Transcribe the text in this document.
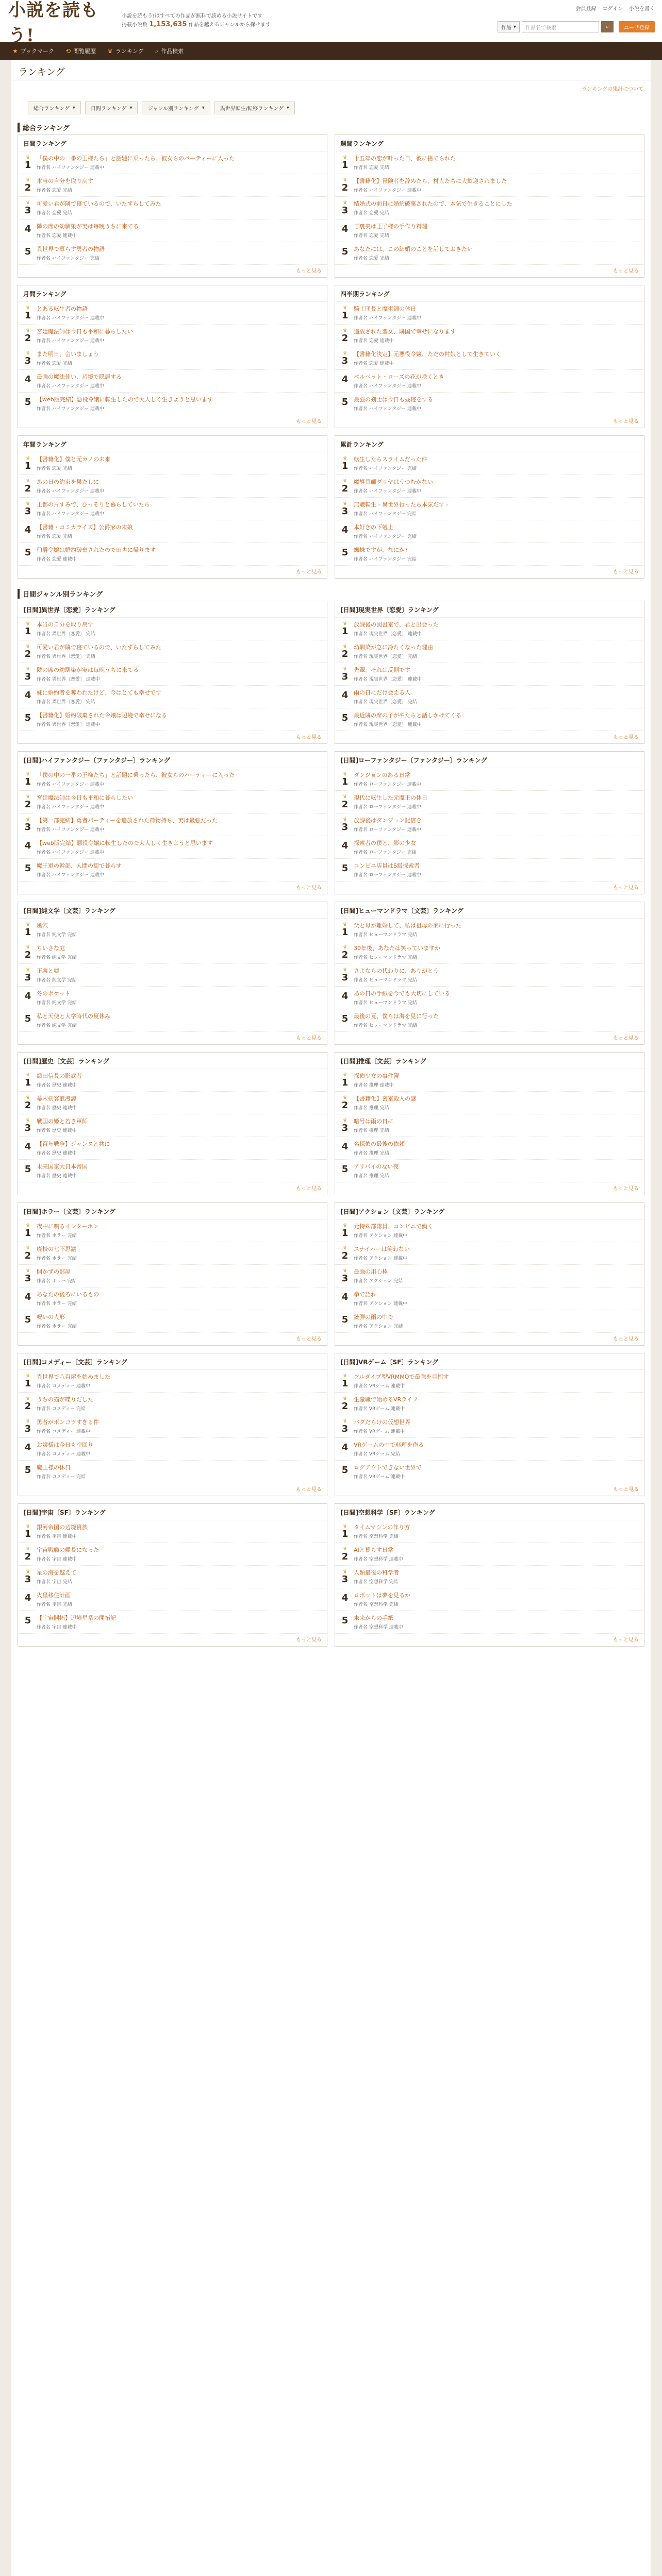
小説を読もう!
小説を読もう!はすべての作品が無料で読める小説サイトです
掲載小説数 1,153,635 作品を越えるジャンルから探せます
会員登録 ログイン 小説を書く
作品 ▾	作品名で検索	⌕	ユーザ登録
★ ブックマーク ⟲ 閲覧履歴 ♛ ランキング ⌕ 作品検索
ランキング
ランキングの集計について
総合ランキング ▾	日間ランキング ▾	ジャンル別ランキング ▾	異世界転生/転移ランキング ▾
総合ランキング
日間ランキング
♛
1
「僕の中の一番の王様たち」と話題に乗ったら、彼女らのパーティーに入った
作者名 ハイファンタジー 連載中
♛
2
本当の自分を取り戻す
作者名 恋愛 完結
♛
3
可愛い君が隣で寝ているので、いたずらしてみた
作者名 恋愛 完結
4 隣の席の幼馴染が実は毎晩うちに来てる
作者名 恋愛 連載中
5 異世界で暮らす勇者の物語
作者名 ハイファンタジー 完結
もっと見る
週間ランキング
♛
1
十五年の恋が叶った日、彼に捨てられた
作者名 恋愛 完結
♛
2
【書籍化】冒険者を辞めたら、村人たちに大歓迎されました
作者名 ハイファンタジー 連載中
♛
3
結婚式の前日に婚約破棄されたので、本気で生きることにした
作者名 恋愛 完結
4 ご褒美は王子様の手作り料理
作者名 恋愛 完結
5 あなたには、この結婚のことを話しておきたい
作者名 恋愛 完結
もっと見る
月間ランキング
♛
1
とある転生者の物語
作者名 ハイファンタジー 連載中
♛
2
宮廷魔法師は今日も平和に暮らしたい
作者名 ハイファンタジー 連載中
♛
3
また明日、会いましょう
作者名 恋愛 完結
4 最強の魔法使い、辺境で隠居する
作者名 ハイファンタジー 連載中
5 【web版完結】悪役令嬢に転生したので大人しく生きようと思います
作者名 ハイファンタジー 連載中
もっと見る
四半期ランキング
♛
1
騎士団長と魔術師の休日
作者名 ハイファンタジー 連載中
♛
2
追放された聖女、隣国で幸せになります
作者名 恋愛 連載中
♛
3
【書籍化決定】元悪役令嬢、ただの村娘として生きていく
作者名 恋愛 連載中
4 ベルベット・ローズの花が咲くとき
作者名 ハイファンタジー 連載中
5 最強の剣士は今日も昼寝をする
作者名 ハイファンタジー 連載中
もっと見る
年間ランキング
♛
1
【書籍化】僕と元カノの未来
作者名 恋愛 完結
♛
2
あの日の約束を果たしに
作者名 ハイファンタジー 連載中
♛
3
王都の片すみで、ひっそりと暮らしていたら
作者名 ハイファンタジー 連載中
4 【書籍・コミカライズ】公爵家の末娘
作者名 恋愛 完結
5 伯爵令嬢は婚約破棄されたので田舎に帰ります
作者名 恋愛 連載中
もっと見る
累計ランキング
♛
1
転生したらスライムだった件
作者名 ハイファンタジー 完結
♛
2
魔導具師ダリヤはうつむかない
作者名 ハイファンタジー 連載中
♛
3
無職転生 - 異世界行ったら本気だす -
作者名 ハイファンタジー 完結
4 本好きの下剋上
作者名 ハイファンタジー 完結
5 蜘蛛ですが、なにか?
作者名 ハイファンタジー 完結
もっと見る
日間ジャンル別ランキング
[日間]異世界〔恋愛〕ランキング
♛
1
本当の自分を取り戻す
作者名 異世界〔恋愛〕 完結
♛
2
可愛い君が隣で寝ているので、いたずらしてみた
作者名 異世界〔恋愛〕 完結
♛
3
隣の席の幼馴染が実は毎晩うちに来てる
作者名 異世界〔恋愛〕 連載中
4 妹に婚約者を奪われたけど、今はとても幸せです
作者名 異世界〔恋愛〕 完結
5 【書籍化】婚約破棄された令嬢は辺境で幸せになる
作者名 異世界〔恋愛〕 連載中
もっと見る
[日間]現実世界〔恋愛〕ランキング
♛
1
放課後の図書室で、君と出会った
作者名 現実世界〔恋愛〕 連載中
♛
2
幼馴染が急に冷たくなった理由
作者名 現実世界〔恋愛〕 完結
♛
3
先輩、それは反則です
作者名 現実世界〔恋愛〕 連載中
4 雨の日にだけ会える人
作者名 現実世界〔恋愛〕 完結
5 最近隣の席の子がやたらと話しかけてくる
作者名 現実世界〔恋愛〕 連載中
もっと見る
[日間]ハイファンタジー〔ファンタジー〕ランキング
♛
1
「僕の中の一番の王様たち」と話題に乗ったら、彼女らのパーティーに入った
作者名 ハイファンタジー 連載中
♛
2
宮廷魔法師は今日も平和に暮らしたい
作者名 ハイファンタジー 連載中
♛
3
【第一部完結】勇者パーティーを追放された荷物持ち、実は最強だった
作者名 ハイファンタジー 連載中
4 【web版完結】悪役令嬢に転生したので大人しく生きようと思います
作者名 ハイファンタジー 連載中
5 魔王軍の幹部、人間の街で暮らす
作者名 ハイファンタジー 連載中
もっと見る
[日間]ローファンタジー〔ファンタジー〕ランキング
♛
1
ダンジョンのある日常
作者名 ローファンタジー 連載中
♛
2
現代に転生した元魔王の休日
作者名 ローファンタジー 連載中
♛
3
放課後はダンジョン配信を
作者名 ローファンタジー 連載中
4 探索者の僕と、影の少女
作者名 ローファンタジー 完結
5 コンビニ店員はS級探索者
作者名 ローファンタジー 連載中
もっと見る
[日間]純文学〔文芸〕ランキング
♛
1
風穴
作者名 純文学 完結
♛
2
ちいさな庭
作者名 純文学 完結
♛
3
正義と嘘
作者名 純文学 完結
4 冬のポケット
作者名 純文学 完結
5 私と天使と大学時代の夏休み
作者名 純文学 完結
もっと見る
[日間]ヒューマンドラマ〔文芸〕ランキング
♛
1
父と母が離婚して、私は祖母の家に行った
作者名 ヒューマンドラマ 完結
♛
2
30年後、あなたは笑っていますか
作者名 ヒューマンドラマ 完結
♛
3
さよならの代わりに、ありがとう
作者名 ヒューマンドラマ 完結
4 あの日の手紙を今でも大切にしている
作者名 ヒューマンドラマ 完結
5 最後の夏、僕らは海を見に行った
作者名 ヒューマンドラマ 完結
もっと見る
[日間]歴史〔文芸〕ランキング
♛
1
織田信長の影武者
作者名 歴史 連載中
♛
2
幕末剣客浪漫譚
作者名 歴史 連載中
♛
3
戦国の姫と若き軍師
作者名 歴史 連載中
4 【百年戦争】ジャンヌと共に
作者名 歴史 連載中
5 未来国家大日本帝国
作者名 歴史 連載中
もっと見る
[日間]推理〔文芸〕ランキング
♛
1
探偵少女の事件簿
作者名 推理 連載中
♛
2
【書籍化】密室殺人の謎
作者名 推理 完結
♛
3
暗号は雨の日に
作者名 推理 完結
4 名探偵の最後の依頼
作者名 推理 完結
5 アリバイのない夜
作者名 推理 完結
もっと見る
[日間]ホラー〔文芸〕ランキング
♛
1
夜中に鳴るインターホン
作者名 ホラー 完結
♛
2
廃校の七不思議
作者名 ホラー 完結
♛
3
開かずの部屋
作者名 ホラー 完結
4 あなたの後ろにいるもの
作者名 ホラー 完結
5 呪いの人形
作者名 ホラー 完結
もっと見る
[日間]アクション〔文芸〕ランキング
♛
1
元特殊部隊員、コンビニで働く
作者名 アクション 連載中
♛
2
スナイパーは笑わない
作者名 アクション 連載中
♛
3
最強の用心棒
作者名 アクション 完結
4 拳で語れ
作者名 アクション 連載中
5 銃弾の雨の中で
作者名 アクション 完結
もっと見る
[日間]コメディー〔文芸〕ランキング
♛
1
異世界で八百屋を始めました
作者名 コメディー 連載中
♛
2
うちの猫が喋りだした
作者名 コメディー 完結
♛
3
勇者がポンコツすぎる件
作者名 コメディー 連載中
4 お嬢様は今日も空回り
作者名 コメディー 連載中
5 魔王様の休日
作者名 コメディー 完結
もっと見る
[日間]VRゲーム〔SF〕ランキング
♛
1
フルダイブ型VRMMOで最強を目指す
作者名 VRゲーム 連載中
♛
2
生産職で始めるVRライフ
作者名 VRゲーム 連載中
♛
3
バグだらけの仮想世界
作者名 VRゲーム 連載中
4 VRゲームの中で料理を作る
作者名 VRゲーム 完結
5 ログアウトできない世界で
作者名 VRゲーム 連載中
もっと見る
[日間]宇宙〔SF〕ランキング
♛
1
銀河帝国の辺境貴族
作者名 宇宙 連載中
♛
2
宇宙戦艦の艦長になった
作者名 宇宙 連載中
♛
3
星の海を越えて
作者名 宇宙 完結
4 火星移住計画
作者名 宇宙 完結
5 【宇宙開拓】辺境星系の開拓記
作者名 宇宙 連載中
もっと見る
[日間]空想科学〔SF〕ランキング
♛
1
タイムマシンの作り方
作者名 空想科学 完結
♛
2
AIと暮らす日常
作者名 空想科学 連載中
♛
3
人類最後の科学者
作者名 空想科学 完結
4 ロボットは夢を見るか
作者名 空想科学 完結
5 未来からの手紙
作者名 空想科学 連載中
もっと見る
